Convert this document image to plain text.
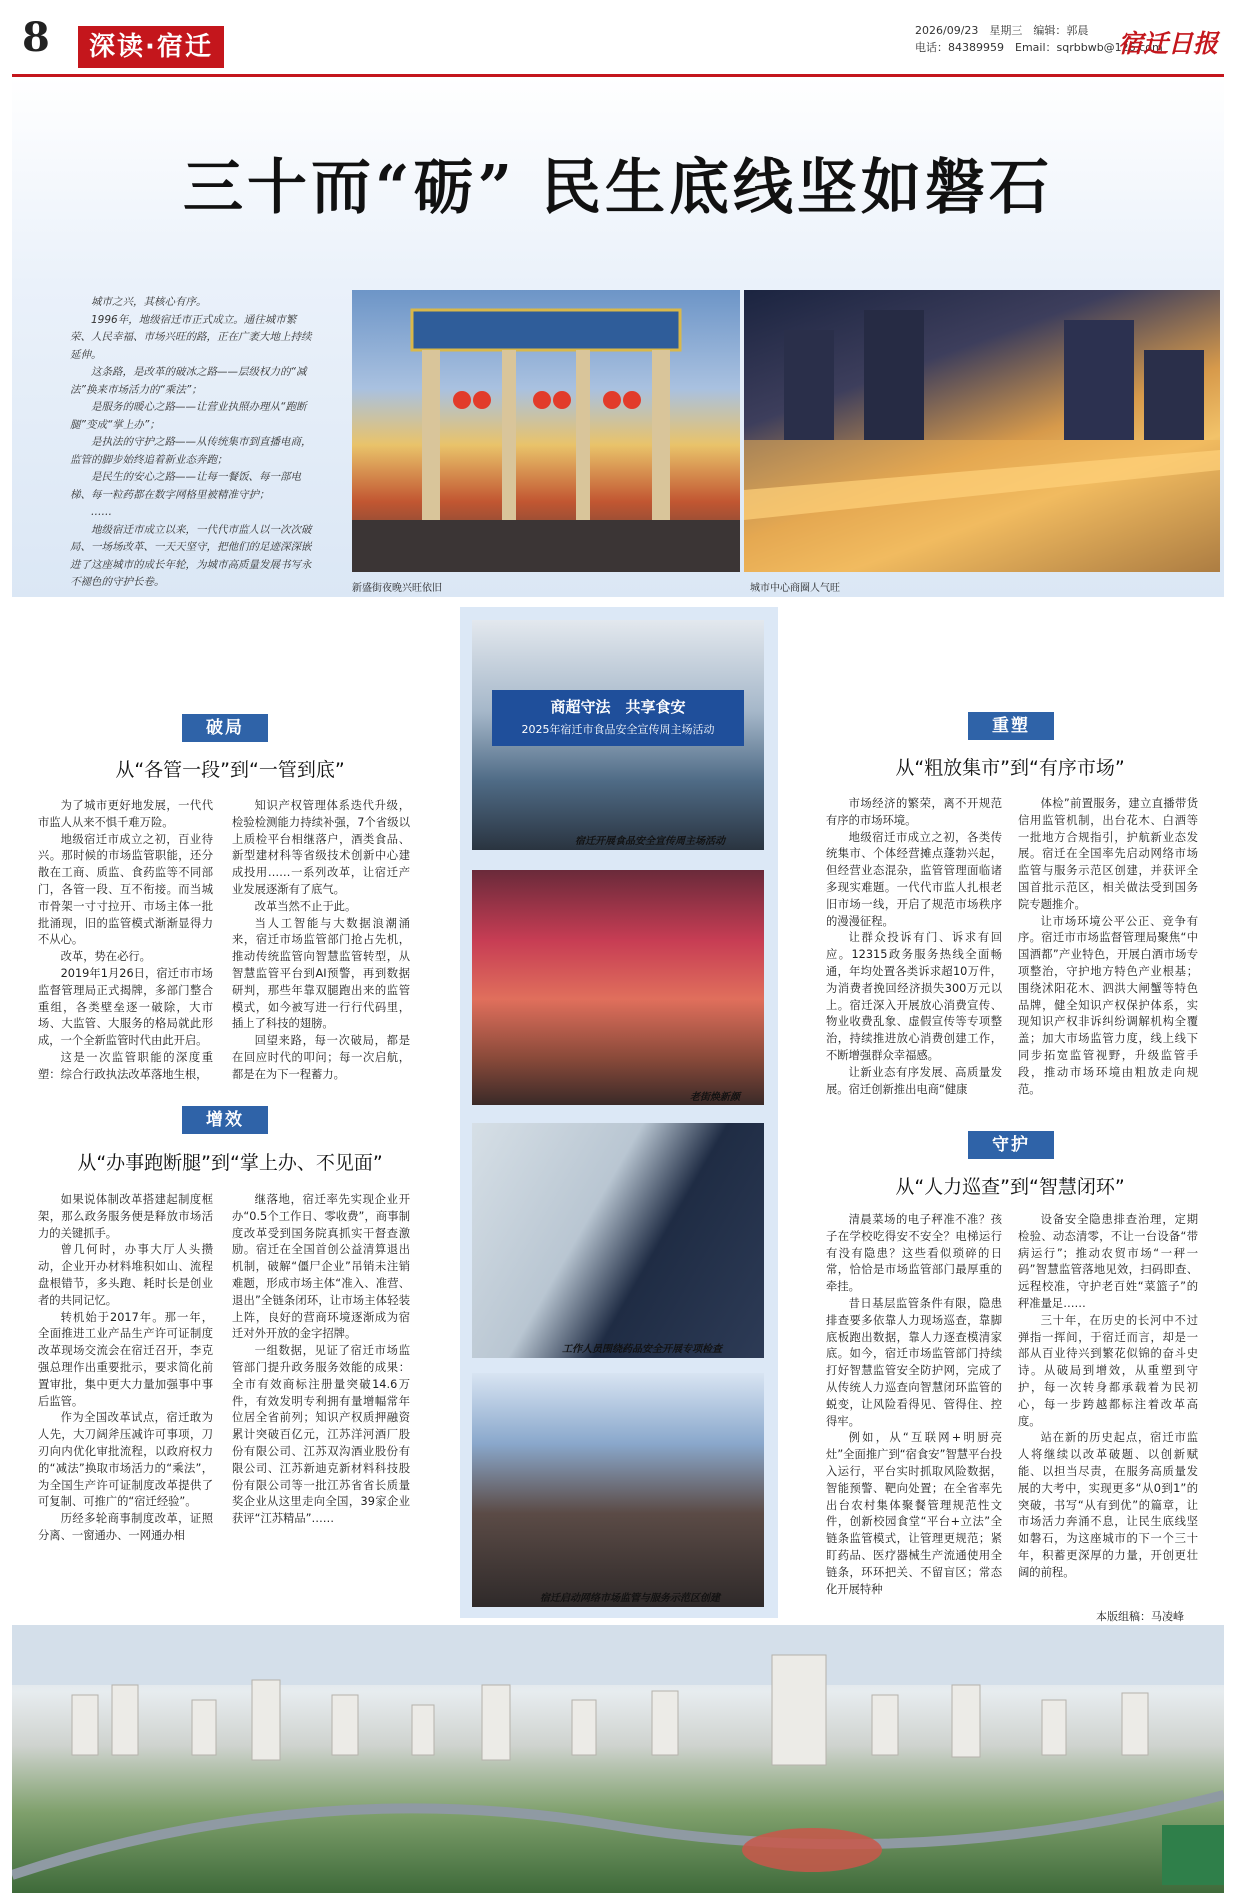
8	深读·宿迁
2026/09/23　星期三　编辑：郭晨
电话：84389959　Email：sqrbbwb@126.com
宿迁日报
三十而“砺” 民生底线坚如磐石

城市之兴，其核心有序。

1996年，地级宿迁市正式成立。通往城市繁荣、人民幸福、市场兴旺的路，正在广袤大地上持续延伸。

这条路，是改革的破冰之路——层级权力的“减法”换来市场活力的“乘法”；

是服务的暖心之路——让营业执照办理从“跑断腿”变成“掌上办”；

是执法的守护之路——从传统集市到直播电商，监管的脚步始终追着新业态奔跑；

是民生的安心之路——让每一餐饭、每一部电梯、每一粒药都在数字网格里被精准守护；

……

地级宿迁市成立以来，一代代市监人以一次次破局、一场场改革、一天天坚守，把他们的足迹深深嵌进了这座城市的成长年轮，为城市高质量发展书写永不褪色的守护长卷。

新盛街夜晚兴旺依旧	城市中心商圈人气旺
商超守法　共享食安
2025年宿迁市食品安全宣传周主场活动
宿迁开展食品安全宣传周主场活动
老街焕新颜
工作人员围绕药品安全开展专项检查
宿迁启动网络市场监管与服务示范区创建
破局
从“各管一段”到“一管到底”

为了城市更好地发展，一代代市监人从来不惧千难万险。

地级宿迁市成立之初，百业待兴。那时候的市场监管职能，还分散在工商、质监、食药监等不同部门，各管一段、互不衔接。而当城市骨架一寸寸拉开、市场主体一批批涌现，旧的监管模式渐渐显得力不从心。

改革，势在必行。

2019年1月26日，宿迁市市场监督管理局正式揭牌，多部门整合重组，各类壁垒逐一破除，大市场、大监管、大服务的格局就此形成，一个全新监管时代由此开启。

这是一次监管职能的深度重塑：综合行政执法改革落地生根，

知识产权管理体系迭代升级，检验检测能力持续补强，7个省级以上质检平台相继落户，酒类食品、新型建材科等省级技术创新中心建成投用……一系列改革，让宿迁产业发展逐渐有了底气。

改革当然不止于此。

当人工智能与大数据浪潮涌来，宿迁市场监管部门抢占先机，推动传统监管向智慧监管转型，从智慧监管平台到AI预警，再到数据研判，那些年靠双腿跑出来的监管模式，如今被写进一行行代码里，插上了科技的翅膀。

回望来路，每一次破局，都是在回应时代的叩问；每一次启航，都是在为下一程蓄力。

增效
从“办事跑断腿”到“掌上办、不见面”

如果说体制改革搭建起制度框架，那么政务服务便是释放市场活力的关键抓手。

曾几何时，办事大厅人头攒动，企业开办材料堆积如山、流程盘根错节，多头跑、耗时长是创业者的共同记忆。

转机始于2017年。那一年，全面推进工业产品生产许可证制度改革现场交流会在宿迁召开，李克强总理作出重要批示，要求简化前置审批，集中更大力量加强事中事后监管。

作为全国改革试点，宿迁敢为人先，大刀阔斧压减许可事项，刀刃向内优化审批流程，以政府权力的“减法”换取市场活力的“乘法”，为全国生产许可证制度改革提供了可复制、可推广的“宿迁经验”。

历经多轮商事制度改革，证照分离、一窗通办、一网通办相

继落地，宿迁率先实现企业开办“0.5个工作日、零收费”，商事制度改革受到国务院真抓实干督查激励。宿迁在全国首创公益清算退出机制，破解“僵尸企业”吊销未注销难题，形成市场主体“准入、准营、退出”全链条闭环，让市场主体轻装上阵，良好的营商环境逐渐成为宿迁对外开放的金字招牌。

一组数据，见证了宿迁市场监管部门提升政务服务效能的成果：全市有效商标注册量突破14.6万件，有效发明专利拥有量增幅常年位居全省前列；知识产权质押融资累计突破百亿元，江苏洋河酒厂股份有限公司、江苏双沟酒业股份有限公司、江苏新迪克新材料科技股份有限公司等一批江苏省省长质量奖企业从这里走向全国，39家企业获评“江苏精品”……

重塑
从“粗放集市”到“有序市场”

市场经济的繁荣，离不开规范有序的市场环境。

地级宿迁市成立之初，各类传统集市、个体经营摊点蓬勃兴起，但经营业态混杂，监管管理面临诸多现实难题。一代代市监人扎根老旧市场一线，开启了规范市场秩序的漫漫征程。

让群众投诉有门、诉求有回应。12315政务服务热线全面畅通，年均处置各类诉求超10万件，为消费者挽回经济损失300万元以上。宿迁深入开展放心消费宣传、物业收费乱象、虚假宣传等专项整治，持续推进放心消费创建工作，不断增强群众幸福感。

让新业态有序发展、高质量发展。宿迁创新推出电商“健康

体检”前置服务，建立直播带货信用监管机制，出台花木、白酒等一批地方合规指引，护航新业态发展。宿迁在全国率先启动网络市场监管与服务示范区创建，并获评全国首批示范区，相关做法受到国务院专题推介。

让市场环境公平公正、竞争有序。宿迁市市场监督管理局聚焦“中国酒都”产业特色，开展白酒市场专项整治，守护地方特色产业根基；围绕沭阳花木、泗洪大闸蟹等特色品牌，健全知识产权保护体系，实现知识产权非诉纠纷调解机构全覆盖；加大市场监管力度，线上线下同步拓宽监管视野，升级监管手段，推动市场环境由粗放走向规范。

守护
从“人力巡查”到“智慧闭环”

清晨菜场的电子秤准不准？孩子在学校吃得安不安全？电梯运行有没有隐患？这些看似琐碎的日常，恰恰是市场监管部门最厚重的牵挂。

昔日基层监管条件有限，隐患排查要多依靠人力现场巡查，靠脚底板跑出数据，靠人力逐查模清家底。如今，宿迁市场监管部门持续打好智慧监管安全防护网，完成了从传统人力巡查向智慧闭环监管的蜕变，让风险看得见、管得住、控得牢。

例如，从“互联网+明厨亮灶”全面推广到“宿食安”智慧平台投入运行，平台实时抓取风险数据，智能预警、靶向处置；在全省率先出台农村集体聚餐管理规范性文件，创新校园食堂“平台+立法”全链条监管模式，让管理更规范；紧盯药品、医疗器械生产流通使用全链条，环环把关、不留盲区；常态化开展特种

设备安全隐患排查治理，定期检验、动态清零，不让一台设备“带病运行”；推动农贸市场“一秤一码”智慧监管落地见效，扫码即查、远程校准，守护老百姓“菜篮子”的秤准量足……

三十年，在历史的长河中不过弹指一挥间，于宿迁而言，却是一部从百业待兴到繁花似锦的奋斗史诗。从破局到增效，从重塑到守护，每一次转身都承载着为民初心，每一步跨越都标注着改革高度。

站在新的历史起点，宿迁市监人将继续以改革破题、以创新赋能、以担当尽责，在服务高质量发展的大考中，实现更多“从0到1”的突破，书写“从有到优”的篇章，让市场活力奔涌不息，让民生底线坚如磐石，为这座城市的下一个三十年，积蓄更深厚的力量，开创更壮阔的前程。

本版组稿：马凌峰
